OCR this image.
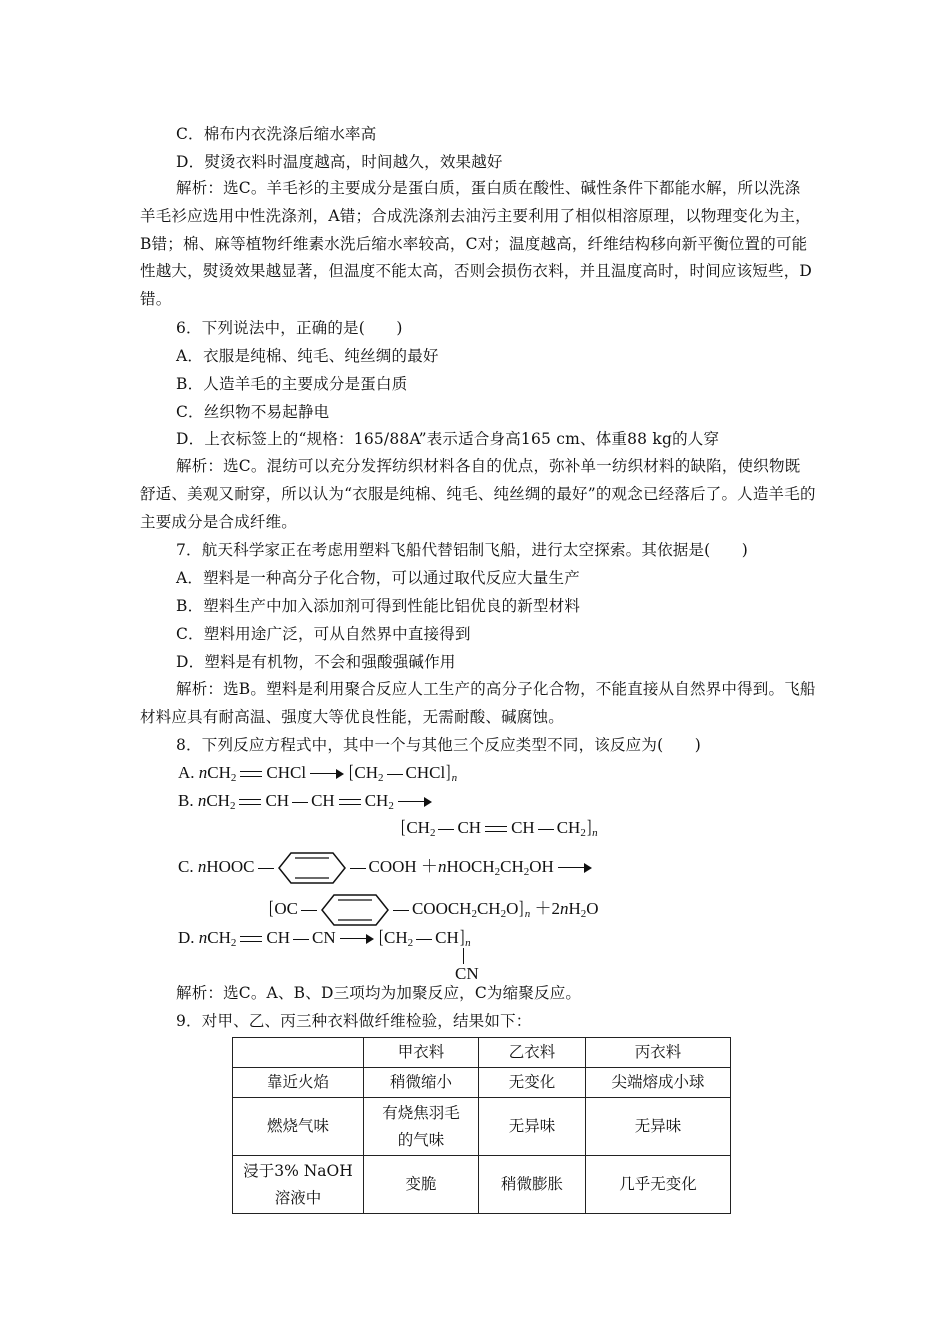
C．棉布内衣洗涤后缩水率高
D．熨烫衣料时温度越高，时间越久，效果越好
解析：选C。羊毛衫的主要成分是蛋白质，蛋白质在酸性、碱性条件下都能水解，所以洗涤羊毛衫应选用中性洗涤剂，A错；合成洗涤剂去油污主要利用了相似相溶原理，以物理变化为主，B错；棉、麻等植物纤维素水洗后缩水率较高，C对；温度越高，纤维结构移向新平衡位置的可能性越大，熨烫效果越显著，但温度不能太高，否则会损伤衣料，并且温度高时，时间应该短些，D错。
6．下列说法中，正确的是(　　)
A．衣服是纯棉、纯毛、纯丝绸的最好
B．人造羊毛的主要成分是蛋白质
C．丝织物不易起静电
D．上衣标签上的“规格：165/88A”表示适合身高165 cm、体重88 kg的人穿
解析：选C。混纺可以充分发挥纺织材料各自的优点，弥补单一纺织材料的缺陷，使织物既舒适、美观又耐穿，所以认为“衣服是纯棉、纯毛、纯丝绸的最好”的观念已经落后了。人造羊毛的主要成分是合成纤维。
7．航天科学家正在考虑用塑料飞船代替铝制飞船，进行太空探索。其依据是(　　)
A．塑料是一种高分子化合物，可以通过取代反应大量生产
B．塑料生产中加入添加剂可得到性能比铝优良的新型材料
C．塑料用途广泛，可从自然界中直接得到
D．塑料是有机物，不会和强酸强碱作用
解析：选B。塑料是利用聚合反应人工生产的高分子化合物，不能直接从自然界中得到。飞船材料应具有耐高温、强度大等优良性能，无需耐酸、碱腐蚀。
8．下列反应方程式中，其中一个与其他三个反应类型不同，该反应为(　　)
A. nCH$_2$ CHCl [$CH_2$ $CHCl]_n$
B. nCH$_2$ CH CH $CH_2$
[$CH_2$ CH CH $CH_2]_n$
C. nHOOC	COOH $+nHOCH_2CH_2OH$
[OC	$COOCH_2CH_2O]_n +2nH_2O$
D. nCH$_2$ CH CN [$CH_2$ $CH]_n$
CN
解析：选C。A、B、D三项均为加聚反应，C为缩聚反应。
9．对甲、乙、丙三种衣料做纤维检验，结果如下：
	甲衣料	乙衣料	丙衣料
靠近火焰	稍微缩小	无变化	尖端熔成小球
燃烧气味	有烧焦羽毛的气味	无异味	无异味
浸于3% NaOH溶液中	变脆	稍微膨胀	几乎无变化
